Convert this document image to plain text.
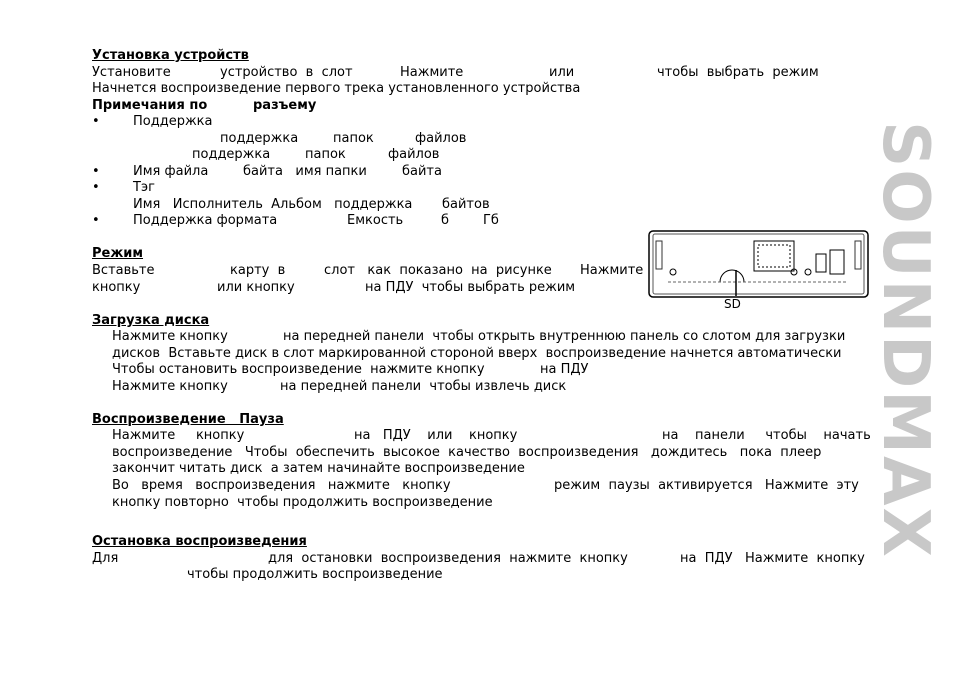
SOUNDMAX
Установка устройств
Установите	устройство  в  слот	Нажмите	или	чтобы  выбрать  режим
Начнется воспроизведение первого трека установленного устройства
Примечания по	разъему
•	Поддержка
поддержка	папок	файлов
поддержка	папок	файлов
•	Имя файла	байта   имя папки	байта
•	Тэг
Имя   Исполнитель  Альбом   поддержка байтов
•	Поддержка формата	Емкость	б	Гб
Режим
Вставьте	карту  в	слот   как  показано  на  рисунке Нажмите
кнопку	или кнопку	на ПДУ  чтобы выбрать режим
SD
Загрузка диска
Нажмите кнопку	на передней панели  чтобы открыть внутреннюю панель со слотом для загрузки
дисков  Вставьте диск в слот маркированной стороной вверх  воспроизведение начнется автоматически
Чтобы остановить воспроизведение  нажмите кнопку	на ПДУ
Нажмите кнопку	на передней панели  чтобы извлечь диск
Воспроизведение   Пауза
Нажмите     кнопку	на   ПДУ    или    кнопку	на    панели     чтобы    начать
воспроизведение   Чтобы  обеспечить  высокое  качество  воспроизведения   дождитесь   пока  плеер
закончит читать диск  а затем начинайте воспроизведение
Во   время   воспроизведения   нажмите   кнопку	режим  паузы  активируется   Нажмите  эту
кнопку повторно  чтобы продолжить воспроизведение
Остановка воспроизведения
Для	для  остановки  воспроизведения  нажмите  кнопку	на  ПДУ   Нажмите  кнопку
чтобы продолжить воспроизведение
